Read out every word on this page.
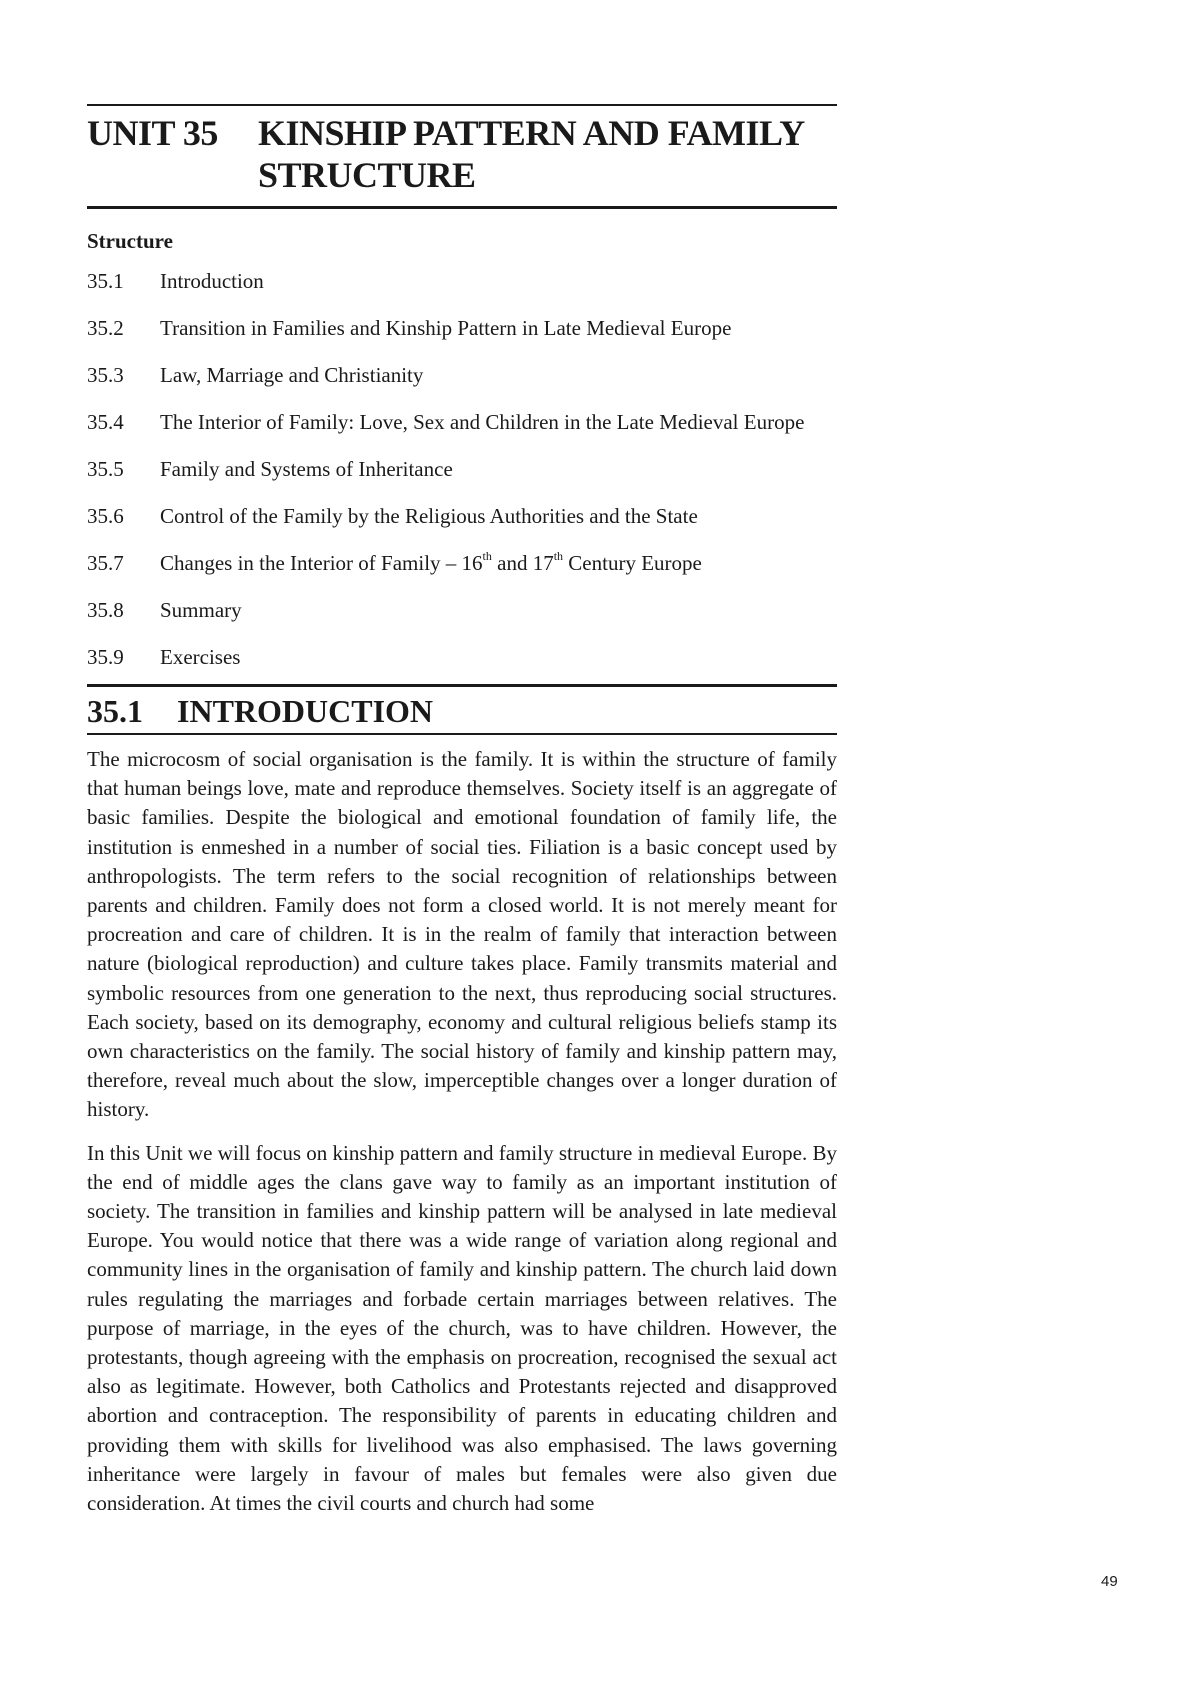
UNIT 35	KINSHIP PATTERN AND FAMILY
STRUCTURE
Structure
35.1	Introduction
35.2	Transition in Families and Kinship Pattern in Late Medieval Europe
35.3	Law, Marriage and Christianity
35.4	The Interior of Family: Love, Sex and Children in the Late Medieval Europe
35.5	Family and Systems of Inheritance
35.6	Control of the Family by the Religious Authorities and the State
35.7	Changes in the Interior of Family – 16th and 17th Century Europe
35.8	Summary
35.9	Exercises
35.1	INTRODUCTION

The microcosm of social organisation is the family. It is within the structure of family that human beings love, mate and reproduce themselves. Society itself is an aggregate of basic families. Despite the biological and emotional foundation of family life, the institution is enmeshed in a number of social ties. Filiation is a basic concept used by anthropologists. The term refers to the social recognition of relationships between parents and children. Family does not form a closed world. It is not merely meant for procreation and care of children. It is in the realm of family that interaction between nature (biological reproduction) and culture takes place. Family transmits material and symbolic resources from one generation to the next, thus reproducing social structures. Each society, based on its demography, economy and cultural religious beliefs stamp its own characteristics on the family. The social history of family and kinship pattern may, therefore, reveal much about the slow, imperceptible changes over a longer duration of history.

In this Unit we will focus on kinship pattern and family structure in medieval Europe. By the end of middle ages the clans gave way to family as an important institution of society. The transition in families and kinship pattern will be analysed in late medieval Europe. You would notice that there was a wide range of variation along regional and community lines in the organisation of family and kinship pattern. The church laid down rules regulating the marriages and forbade certain marriages between relatives. The purpose of marriage, in the eyes of the church, was to have children. However, the protestants, though agreeing with the emphasis on procreation, recognised the sexual act also as legitimate. However, both Catholics and Protestants rejected and disapproved abortion and contraception. The responsibility of parents in educating children and providing them with skills for livelihood was also emphasised. The laws governing inheritance were largely in favour of males but females were also given due consideration. At times the civil courts and church had some

49
